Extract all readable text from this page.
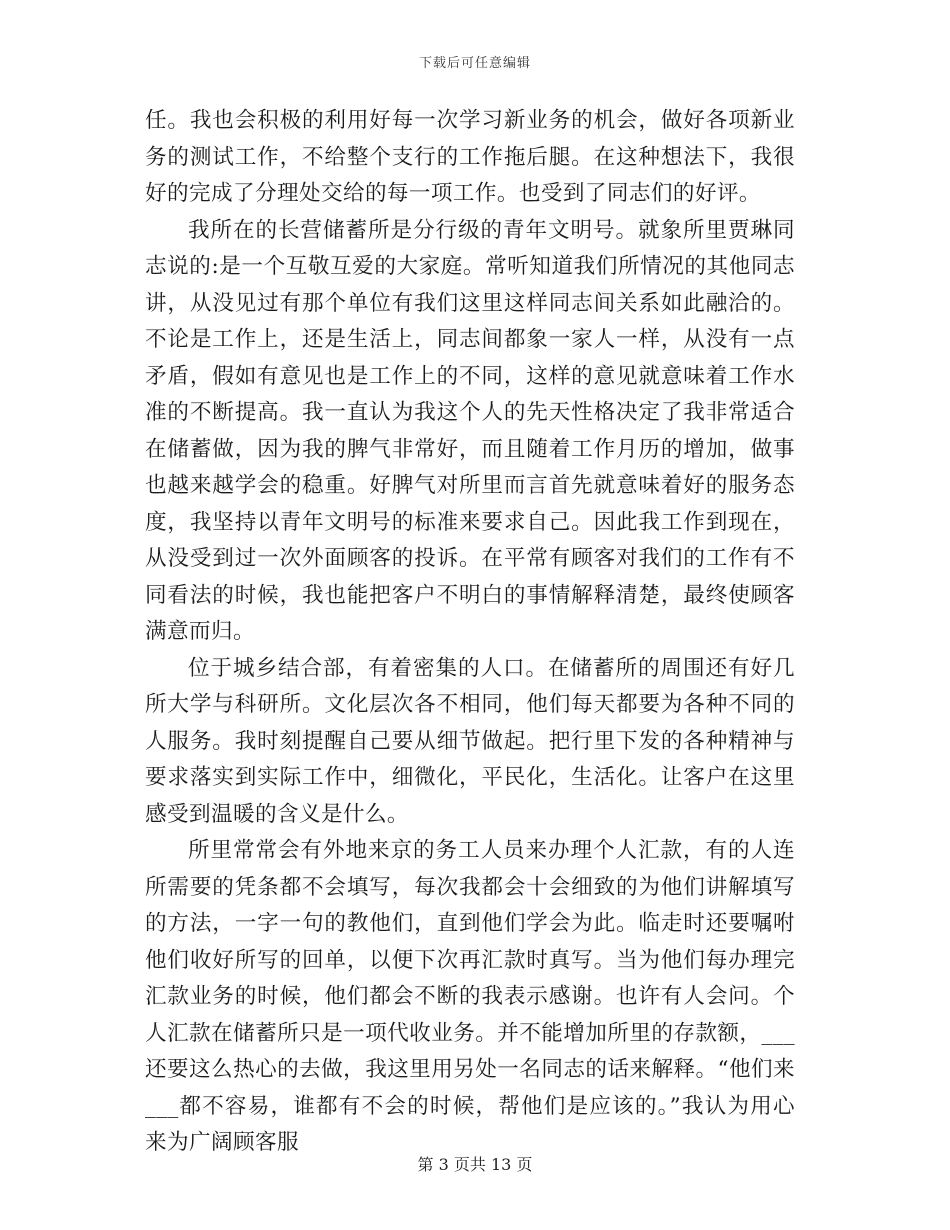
下载后可任意编辑

任。我也会积极的利用好每一次学习新业务的机会，做好各项新业务的测试工作，不给整个支行的工作拖后腿。在这种想法下，我很好的完成了分理处交给的每一项工作。也受到了同志们的好评。

我所在的长营储蓄所是分行级的青年文明号。就象所里贾琳同志说的:是一个互敬互爱的大家庭。常听知道我们所情况的其他同志讲，从没见过有那个单位有我们这里这样同志间关系如此融洽的。不论是工作上，还是生活上，同志间都象一家人一样，从没有一点矛盾，假如有意见也是工作上的不同，这样的意见就意味着工作水准的不断提高。我一直认为我这个人的先天性格决定了我非常适合在储蓄做，因为我的脾气非常好，而且随着工作月历的增加，做事也越来越学会的稳重。好脾气对所里而言首先就意味着好的服务态度，我坚持以青年文明号的标准来要求自己。因此我工作到现在，从没受到过一次外面顾客的投诉。在平常有顾客对我们的工作有不同看法的时候，我也能把客户不明白的事情解释清楚，最终使顾客满意而归。

位于城乡结合部，有着密集的人口。在储蓄所的周围还有好几所大学与科研所。文化层次各不相同，他们每天都要为各种不同的人服务。我时刻提醒自己要从细节做起。把行里下发的各种精神与要求落实到实际工作中，细微化，平民化，生活化。让客户在这里感受到温暖的含义是什么。

所里常常会有外地来京的务工人员来办理个人汇款，有的人连所需要的凭条都不会填写，每次我都会十会细致的为他们讲解填写的方法，一字一句的教他们，直到他们学会为此。临走时还要嘱咐他们收好所写的回单，以便下次再汇款时真写。当为他们每办理完汇款业务的时候，他们都会不断的我表示感谢。也许有人会问。个人汇款在储蓄所只是一项代收业务。并不能增加所里的存款额，___还要这么热心的去做，我这里用另处一名同志的话来解释。“他们来___都不容易，谁都有不会的时候，帮他们是应该的。”我认为用心来为广阔顾客服

第 3 页共 13 页
